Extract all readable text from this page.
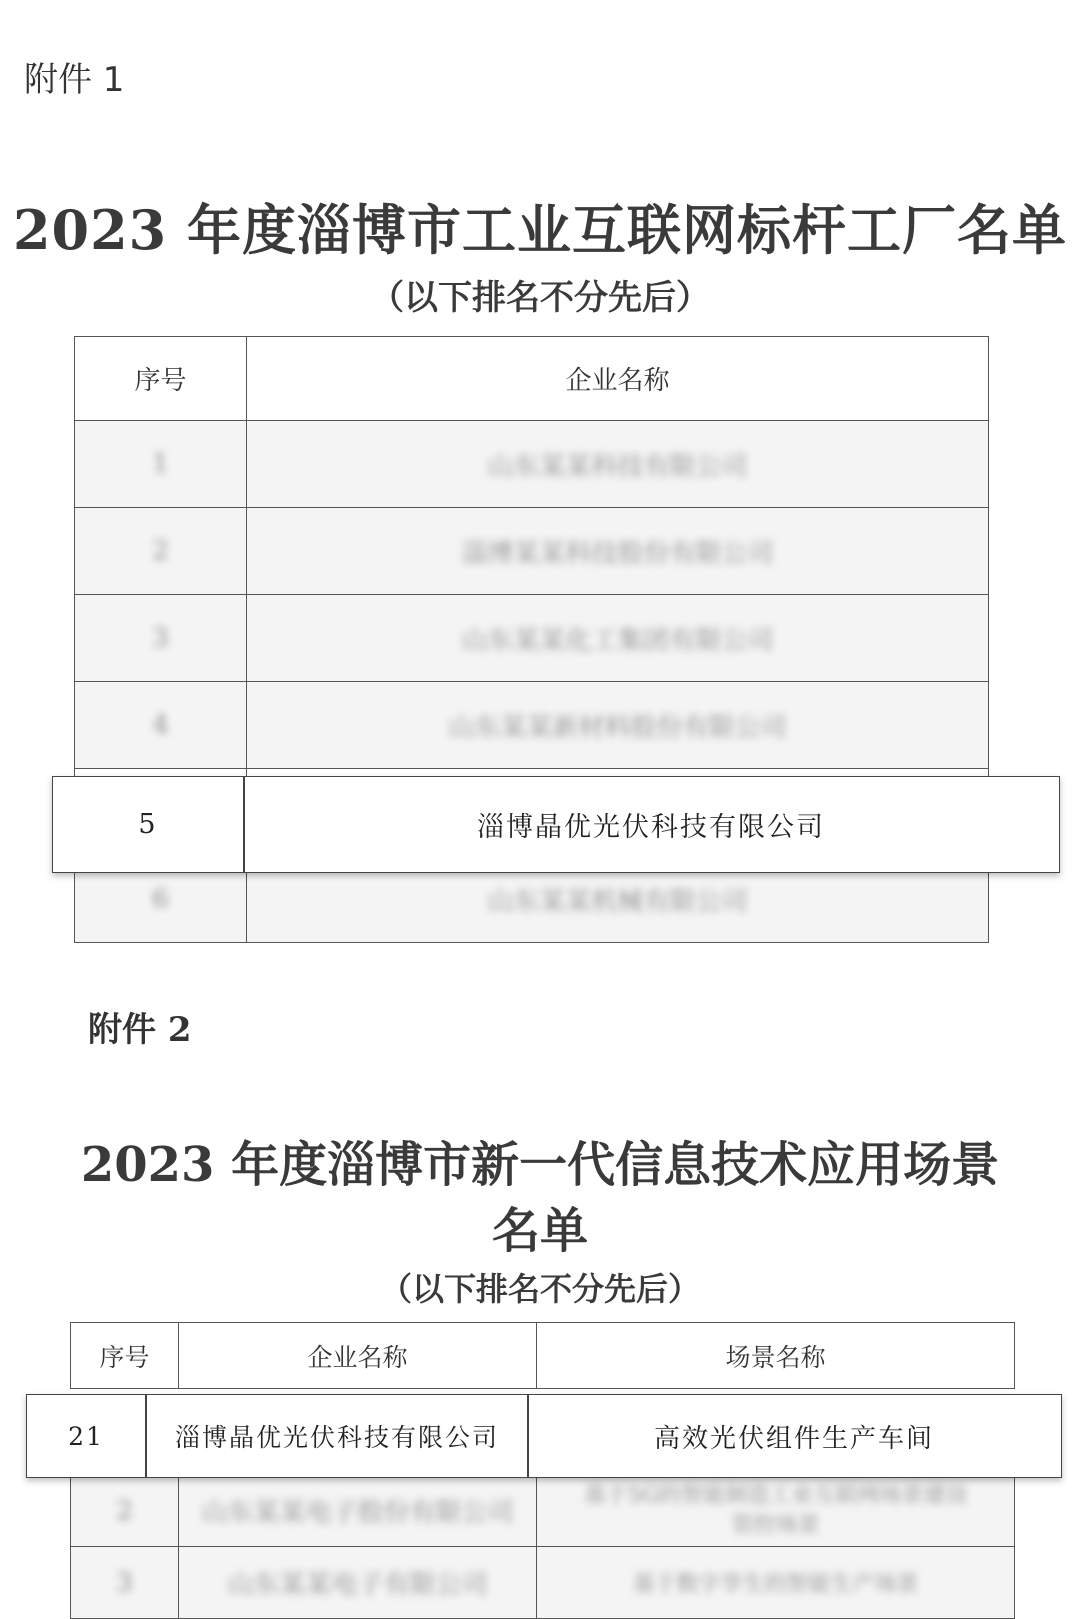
附件 1
2023 年度淄博市工业互联网标杆工厂名单
（以下排名不分先后）
序号	企业名称
1	山东某某科技有限公司
2	淄博某某科技股份有限公司
3	山东某某化工集团有限公司
4	山东某某新材料股份有限公司

6	山东某某机械有限公司
5	淄博晶优光伏科技有限公司
附件 2
2023 年度淄博市新一代信息技术应用场景
名单
（以下排名不分先后）
序号	企业名称	场景名称
2	山东某某电子股份有限公司	基于5G的智能制造工业互联网场景建设
管控场景

3	山东某某电子有限公司	基于数字孪生的智能生产场景
21	淄博晶优光伏科技有限公司	高效光伏组件生产车间
